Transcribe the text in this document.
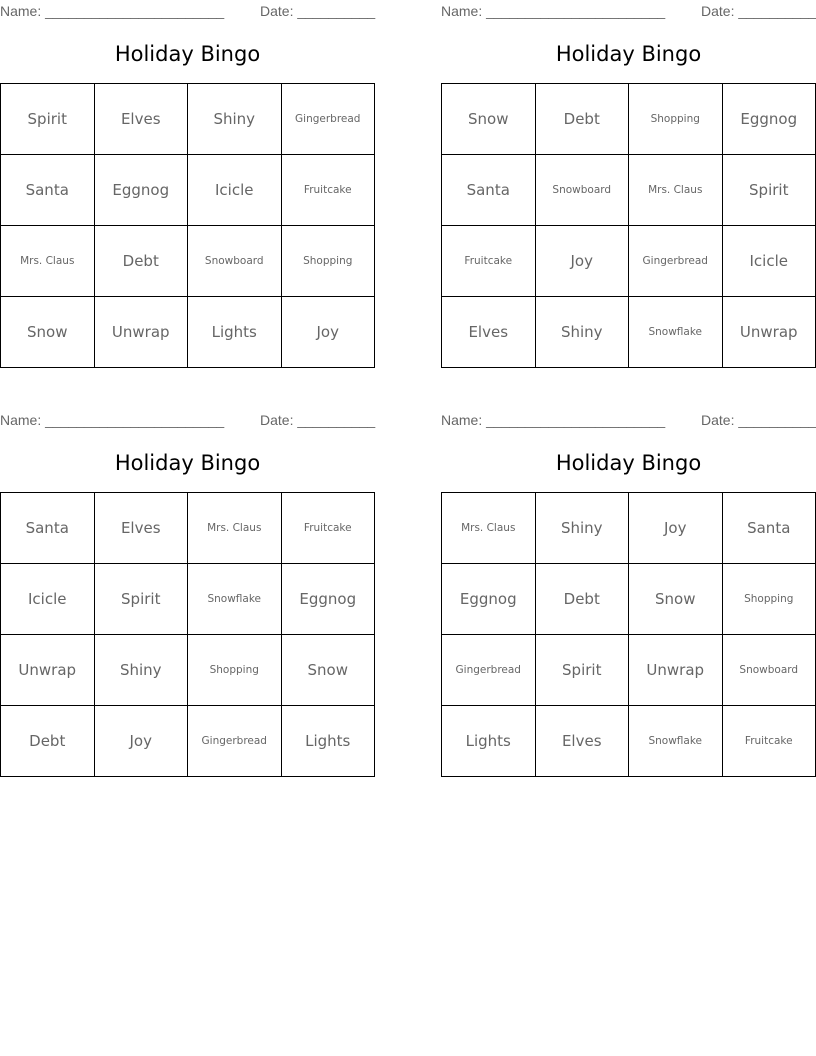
Name: _______________________	Date: __________
Holiday Bingo
Spirit	Elves	Shiny	Gingerbread
Santa	Eggnog	Icicle	Fruitcake
Mrs. Claus	Debt	Snowboard	Shopping
Snow	Unwrap	Lights	Joy
Name: _______________________	Date: __________
Holiday Bingo
Snow	Debt	Shopping	Eggnog
Santa	Snowboard	Mrs. Claus	Spirit
Fruitcake	Joy	Gingerbread	Icicle
Elves	Shiny	Snowflake	Unwrap
Name: _______________________	Date: __________
Holiday Bingo
Santa	Elves	Mrs. Claus	Fruitcake
Icicle	Spirit	Snowflake	Eggnog
Unwrap	Shiny	Shopping	Snow
Debt	Joy	Gingerbread	Lights
Name: _______________________	Date: __________
Holiday Bingo
Mrs. Claus	Shiny	Joy	Santa
Eggnog	Debt	Snow	Shopping
Gingerbread	Spirit	Unwrap	Snowboard
Lights	Elves	Snowflake	Fruitcake
